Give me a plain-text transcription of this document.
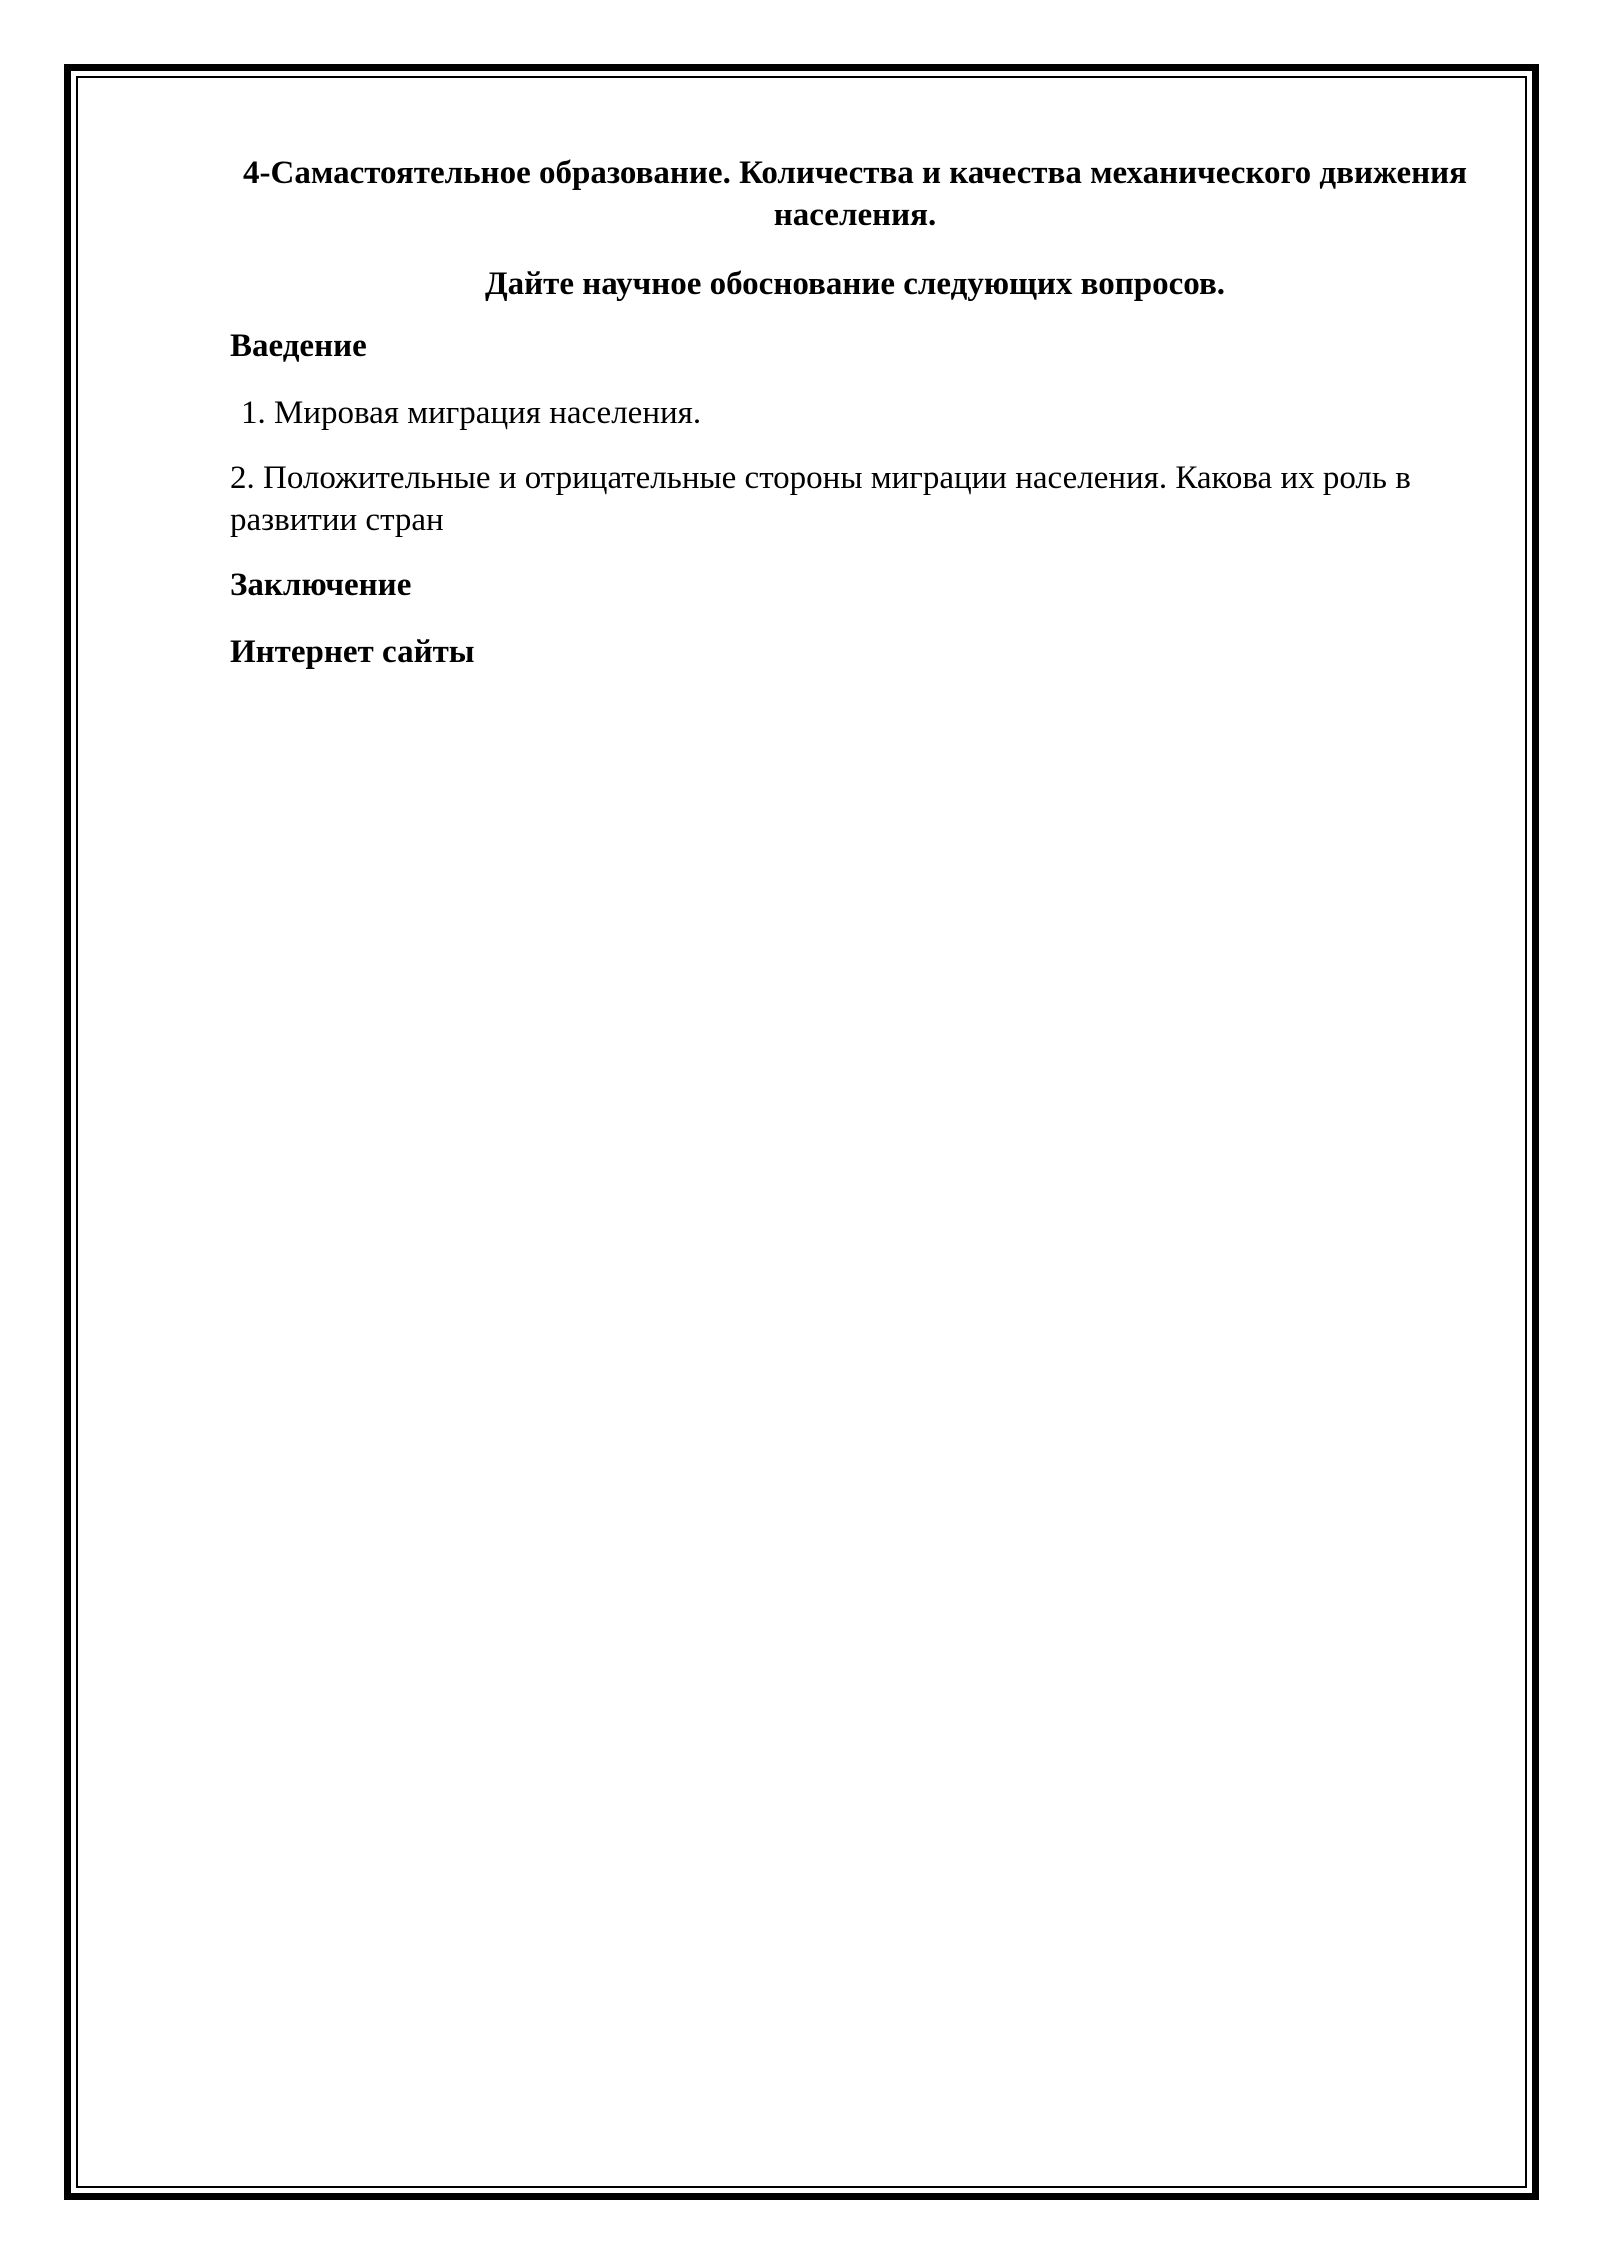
4-Самастоятельное образование. Количества и качества механического движения населения.

Дайте научное обоснование следующих вопросов.

Ваедение

1. Мировая миграция населения.

2. Положительные и отрицательные стороны миграции населения. Какова их роль в развитии стран

Заключение

Интернет сайты
